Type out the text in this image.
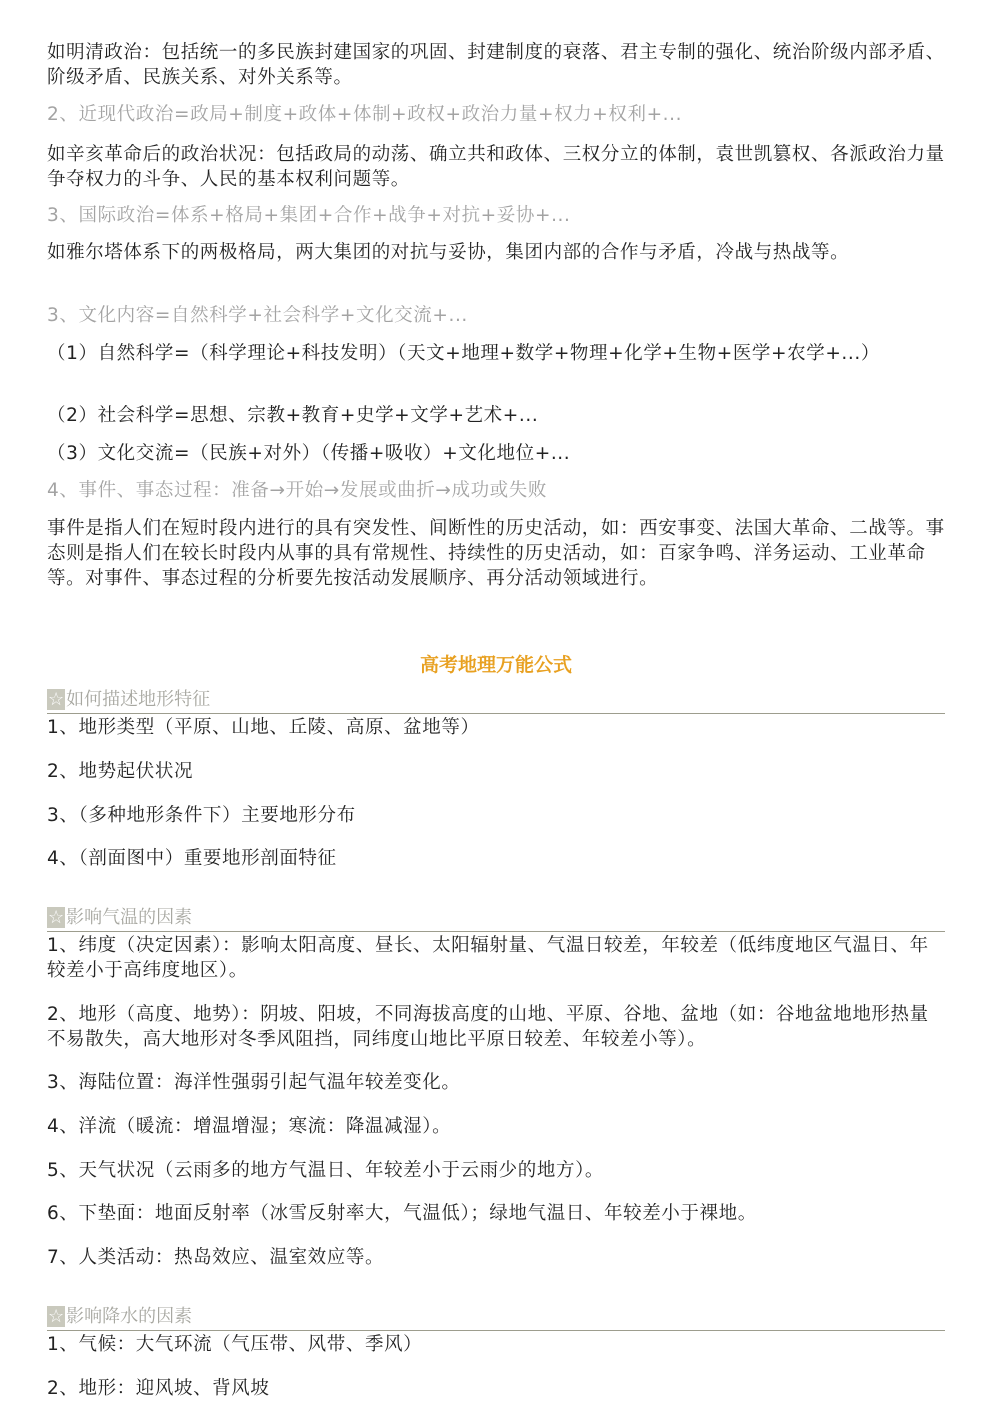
如明清政治：包括统一的多民族封建国家的巩固、封建制度的衰落、君主专制的强化、统治阶级内部矛盾、阶级矛盾、民族关系、对外关系等。
2、近现代政治=政局+制度+政体+体制+政权+政治力量+权力+权利+...
如辛亥革命后的政治状况：包括政局的动荡、确立共和政体、三权分立的体制，袁世凯篡权、各派政治力量争夺权力的斗争、人民的基本权利问题等。
3、国际政治=体系+格局+集团+合作+战争+对抗+妥协+...
如雅尔塔体系下的两极格局，两大集团的对抗与妥协，集团内部的合作与矛盾，冷战与热战等。
3、文化内容=自然科学+社会科学+文化交流+...
（1）自然科学=（科学理论+科技发明）（天文+地理+数学+物理+化学+生物+医学+农学+...）
（2）社会科学=思想、宗教+教育+史学+文学+艺术+...
（3）文化交流=（民族+对外）（传播+吸收）+文化地位+...
4、事件、事态过程：准备→开始→发展或曲折→成功或失败
事件是指人们在短时段内进行的具有突发性、间断性的历史活动，如：西安事变、法国大革命、二战等。事态则是指人们在较长时段内从事的具有常规性、持续性的历史活动，如：百家争鸣、洋务运动、工业革命等。对事件、事态过程的分析要先按活动发展顺序、再分活动领域进行。
高考地理万能公式
☆ 如何描述地形特征
1、地形类型（平原、山地、丘陵、高原、盆地等）
2、地势起伏状况
3、（多种地形条件下）主要地形分布
4、（剖面图中）重要地形剖面特征
☆ 影响气温的因素
1、纬度（决定因素）：影响太阳高度、昼长、太阳辐射量、气温日较差，年较差（低纬度地区气温日、年较差小于高纬度地区）。
2、地形（高度、地势）：阴坡、阳坡，不同海拔高度的山地、平原、谷地、盆地（如：谷地盆地地形热量不易散失，高大地形对冬季风阻挡，同纬度山地比平原日较差、年较差小等）。
3、海陆位置：海洋性强弱引起气温年较差变化。
4、洋流（暖流：增温增湿；寒流：降温减湿）。
5、天气状况（云雨多的地方气温日、年较差小于云雨少的地方）。
6、下垫面：地面反射率（冰雪反射率大，气温低）；绿地气温日、年较差小于裸地。
7、人类活动：热岛效应、温室效应等。
☆ 影响降水的因素
1、气候：大气环流（气压带、风带、季风）
2、地形：迎风坡、背风坡
